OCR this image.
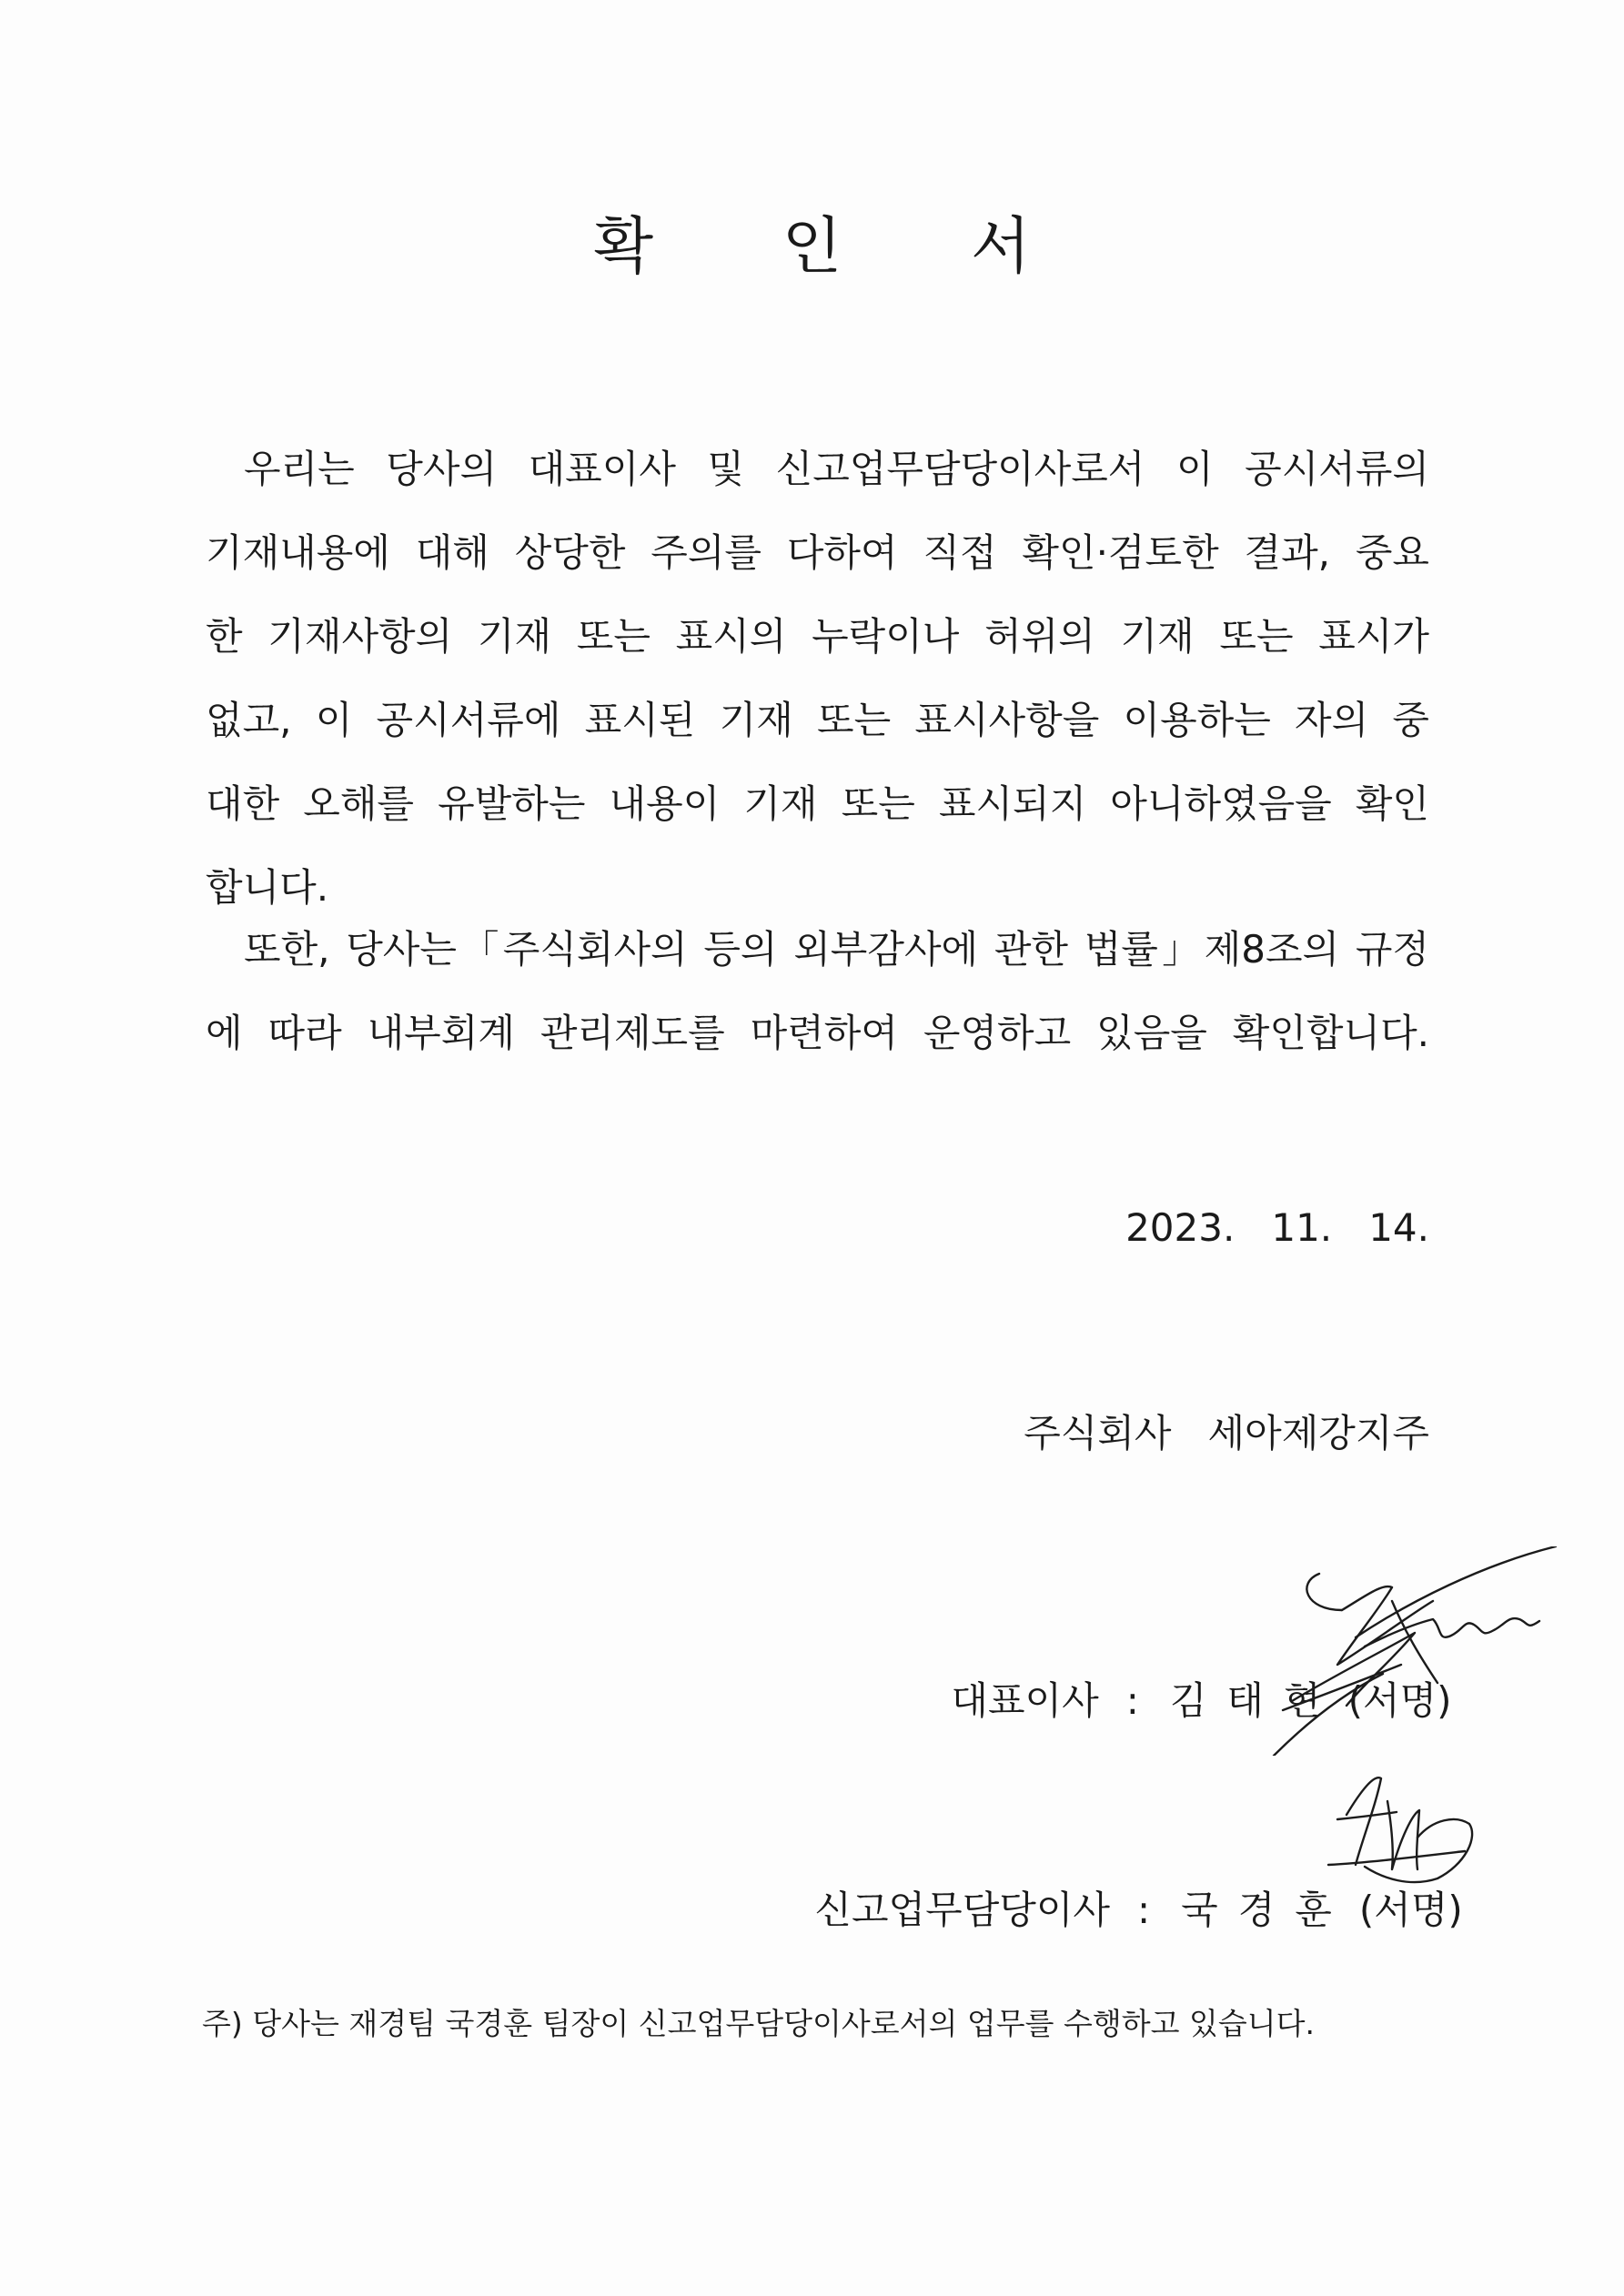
확 인 서

우리는 당사의 대표이사 및 신고업무담당이사로서 이 공시서류의
기재내용에 대해 상당한 주의를 다하여 직접 확인·검토한 결과, 중요
한 기재사항의 기재 또는 표시의 누락이나 허위의 기재 또는 표시가
없고, 이 공시서류에 표시된 기재 또는 표시사항을 이용하는 자의 중
대한 오해를 유발하는 내용이 기재 또는 표시되지 아니하였음을 확인
합니다.

또한, 당사는「주식회사의 등의 외부감사에 관한 법률」제8조의 규정
에 따라 내부회계 관리제도를 마련하여 운영하고 있음을 확인합니다.

2023.   11.   14.
주식회사   세아제강지주

대표이사 : 김태현 (서명)

신고업무담당이사 : 국경훈 (서명)

주) 당사는 재경팀 국경훈 팀장이 신고업무담당이사로서의 업무를 수행하고 있습니다.
